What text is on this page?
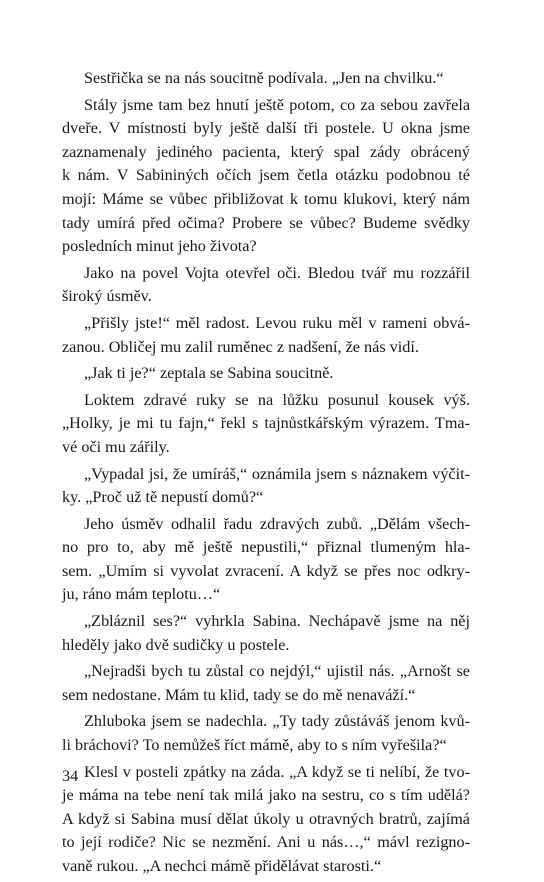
Sestřička se na nás soucitně podívala. „Jen na chvilku.“
Stály jsme tam bez hnutí ještě potom, co za sebou zavřela
dveře. V místnosti byly ještě další tři postele. U okna jsme
zaznamenaly jediného pacienta, který spal zády obrácený
k nám. V Sabininých očích jsem četla otázku podobnou té
mojí: Máme se vůbec přibližovat k tomu klukovi, který nám
tady umírá před očima? Probere se vůbec? Budeme svědky
posledních minut jeho života?
Jako na povel Vojta otevřel oči. Bledou tvář mu rozzářil
široký úsměv.
„Přišly jste!“ měl radost. Levou ruku měl v rameni obvá-
zanou. Obličej mu zalil ruměnec z nadšení, že nás vidí.
„Jak ti je?“ zeptala se Sabina soucitně.
Loktem zdravé ruky se na lůžku posunul kousek výš.
„Holky, je mi tu fajn,“ řekl s tajnůstkářským výrazem. Tma-
vé oči mu zářily.
„Vypadal jsi, že umíráš,“ oznámila jsem s náznakem výčit-
ky. „Proč už tě nepustí domů?“
Jeho úsměv odhalil řadu zdravých zubů. „Dělám všech-
no pro to, aby mě ještě nepustili,“ přiznal tlumeným hla-
sem. „Umím si vyvolat zvracení. A když se přes noc odkry-
ju, ráno mám teplotu…“
„Zbláznil ses?“ vyhrkla Sabina. Nechápavě jsme na něj
hleděly jako dvě sudičky u postele.
„Nejradši bych tu zůstal co nejdýl,“ ujistil nás. „Arnošt se
sem nedostane. Mám tu klid, tady se do mě nenaváží.“
Zhluboka jsem se nadechla. „Ty tady zůstáváš jenom kvů-
li bráchovi? To nemůžeš říct mámě, aby to s ním vyřešila?“
Klesl v posteli zpátky na záda. „A když se ti nelíbí, že tvo-
je máma na tebe není tak milá jako na sestru, co s tím udělá?
A když si Sabina musí dělat úkoly u otravných bratrů, zajímá
to její rodiče? Nic se nezmění. Ani u nás…,“ mávl rezigno-
vaně rukou. „A nechci mámě přidělávat starosti.“
34
